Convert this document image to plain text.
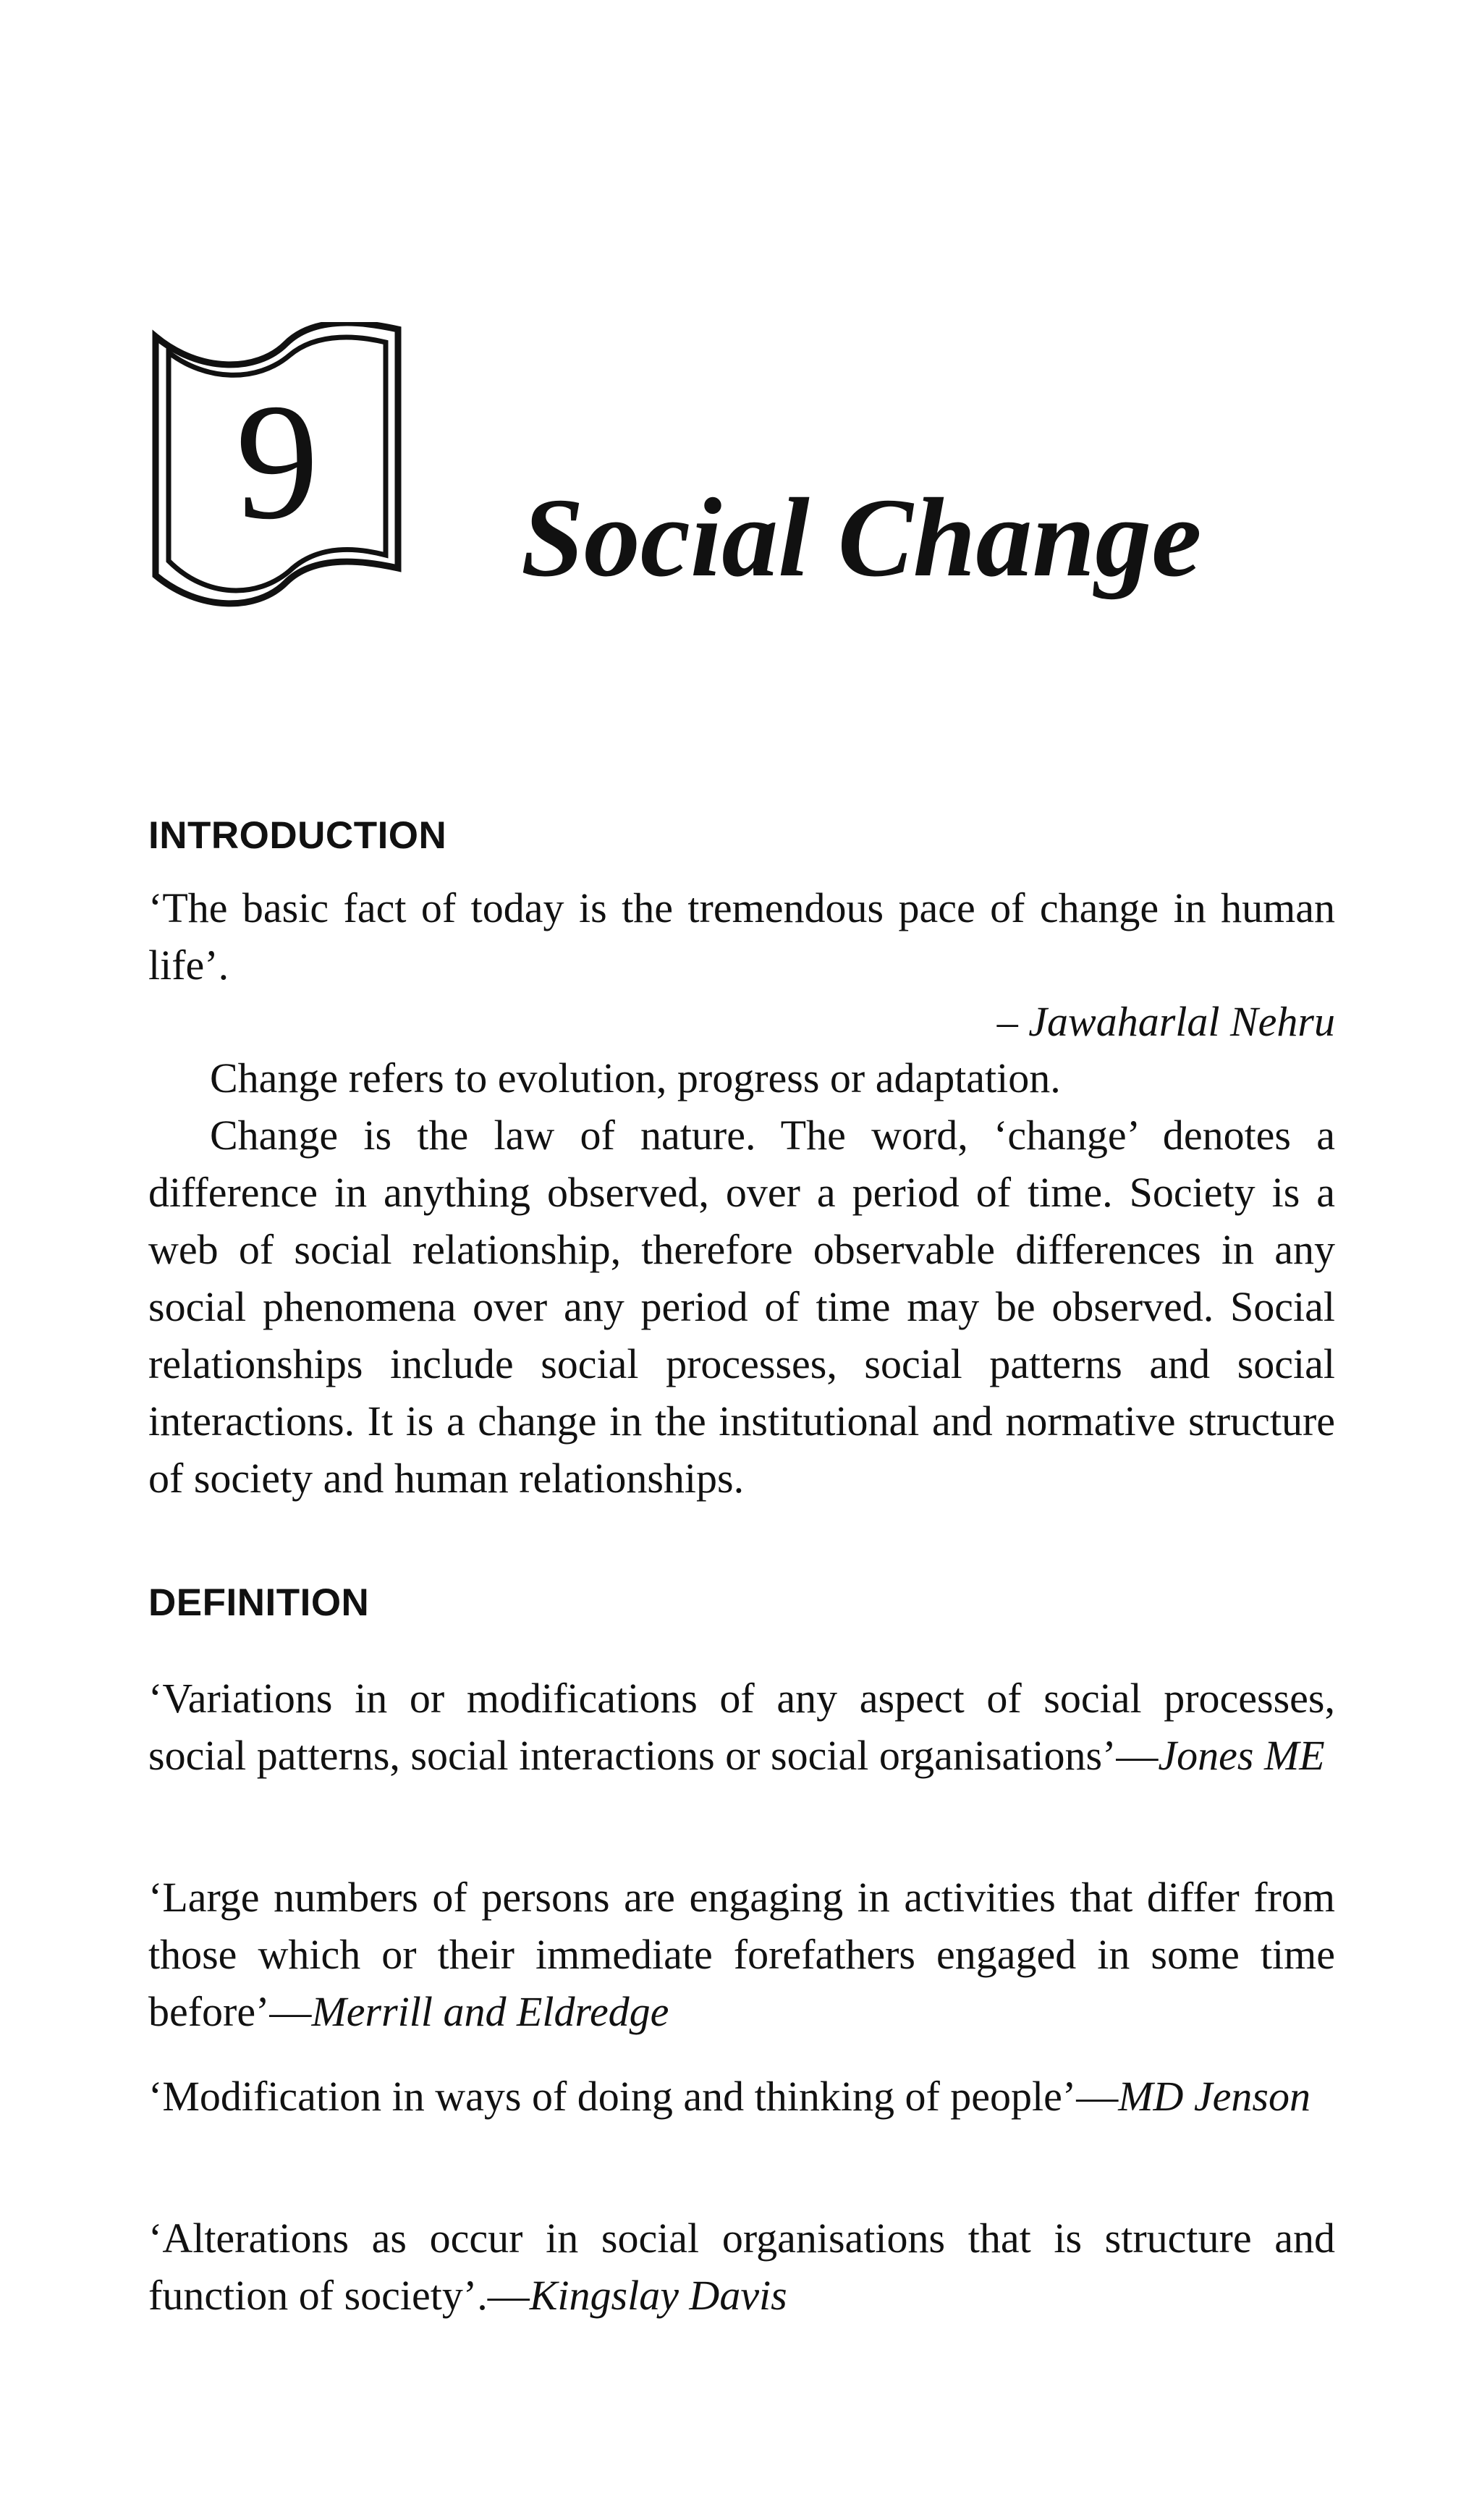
9 Social Change
INTRODUCTION
‘The basic fact of today is the tremendous pace of change in human life’.
– Jawaharlal Nehru
Change refers to evolution, progress or adaptation.
Change is the law of nature. The word, ‘change’ denotes a difference in anything observed, over a period of time. Society is a web of social relationship, therefore observable differences in any social phenomena over any period of time may be observed. Social relationships include social processes, social patterns and social interactions. It is a change in the institutional and normative structure of society and human relationships.
DEFINITION
‘Variations in or modifications of any aspect of social processes, social patterns, social interactions or social organisations’—Jones ME
‘Large numbers of persons are engaging in activities that differ from those which or their immediate forefathers engaged in some time before’—Merrill and Eldredge
‘Modification in ways of doing and thinking of people’—MD Jenson
‘Alterations as occur in social organisations that is structure and function of society’.—Kingslay Davis
